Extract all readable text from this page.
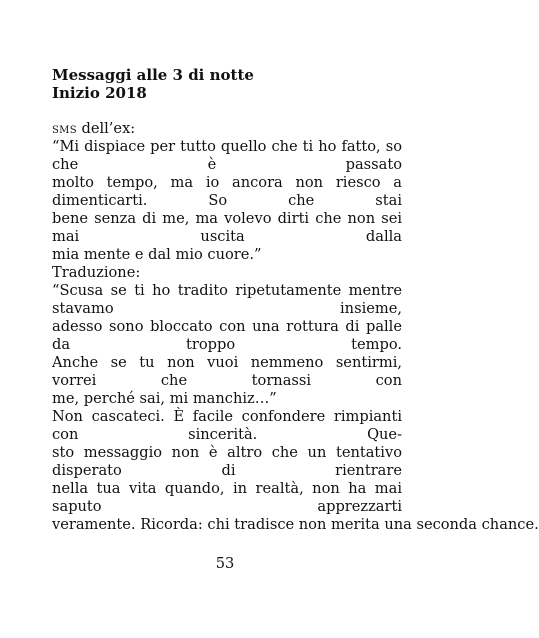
Messaggi alle 3 di notte
Inizio 2018
sms dell’ex:
“Mi dispiace per tutto quello che ti ho fatto, so che è passato
molto tempo, ma io ancora non riesco a dimenticarti. So che stai
bene senza di me, ma volevo dirti che non sei mai uscita dalla
mia mente e dal mio cuore.”
Traduzione:
“Scusa se ti ho tradito ripetutamente mentre stavamo insieme,
adesso sono bloccato con una rottura di palle da troppo tempo.
Anche se tu non vuoi nemmeno sentirmi, vorrei che tornassi con
me, perché sai, mi manchiz…”
Non cascateci. È facile confondere rimpianti con sincerità. Que-
sto messaggio non è altro che un tentativo disperato di rientrare
nella tua vita quando, in realtà, non ha mai saputo apprezzarti
veramente. Ricorda: chi tradisce non merita una seconda chance.
53
